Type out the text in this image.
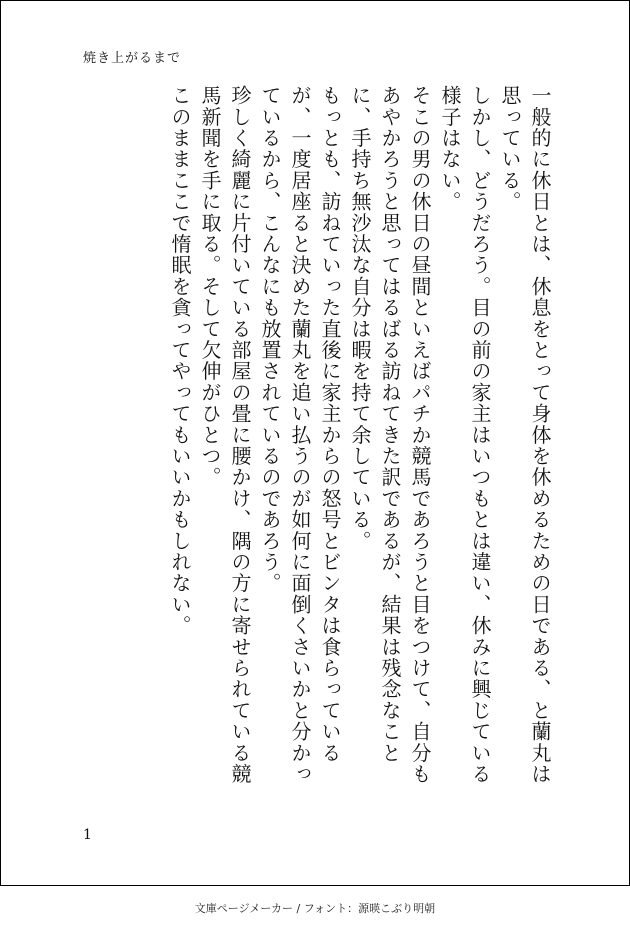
焼き上がるまで

一般的に休日とは、休息をとって身体を休めるための日である、と蘭丸は思っている。

しかし、どうだろう。目の前の家主はいつもとは違い、休みに興じている様子はない。

そこの男の休日の昼間といえばパチか競馬であろうと目をつけて、自分もあやかろうと思ってはるばる訪ねてきた訳であるが、結果は残念なことに、手持ち無沙汰な自分は暇を持て余している。

もっとも、訪ねていった直後に家主からの怒号とビンタは食らっているが、一度居座ると決めた蘭丸を追い払うのが如何に面倒くさいかと分かっているから、こんなにも放置されているのであろう。

珍しく綺麗に片付いている部屋の畳に腰かけ、隅の方に寄せられている競馬新聞を手に取る。そして欠伸がひとつ。

このままここで惰眠を貪ってやってもいいかもしれない。

1
文庫ページメーカー / フォント：源暎こぶり明朝
